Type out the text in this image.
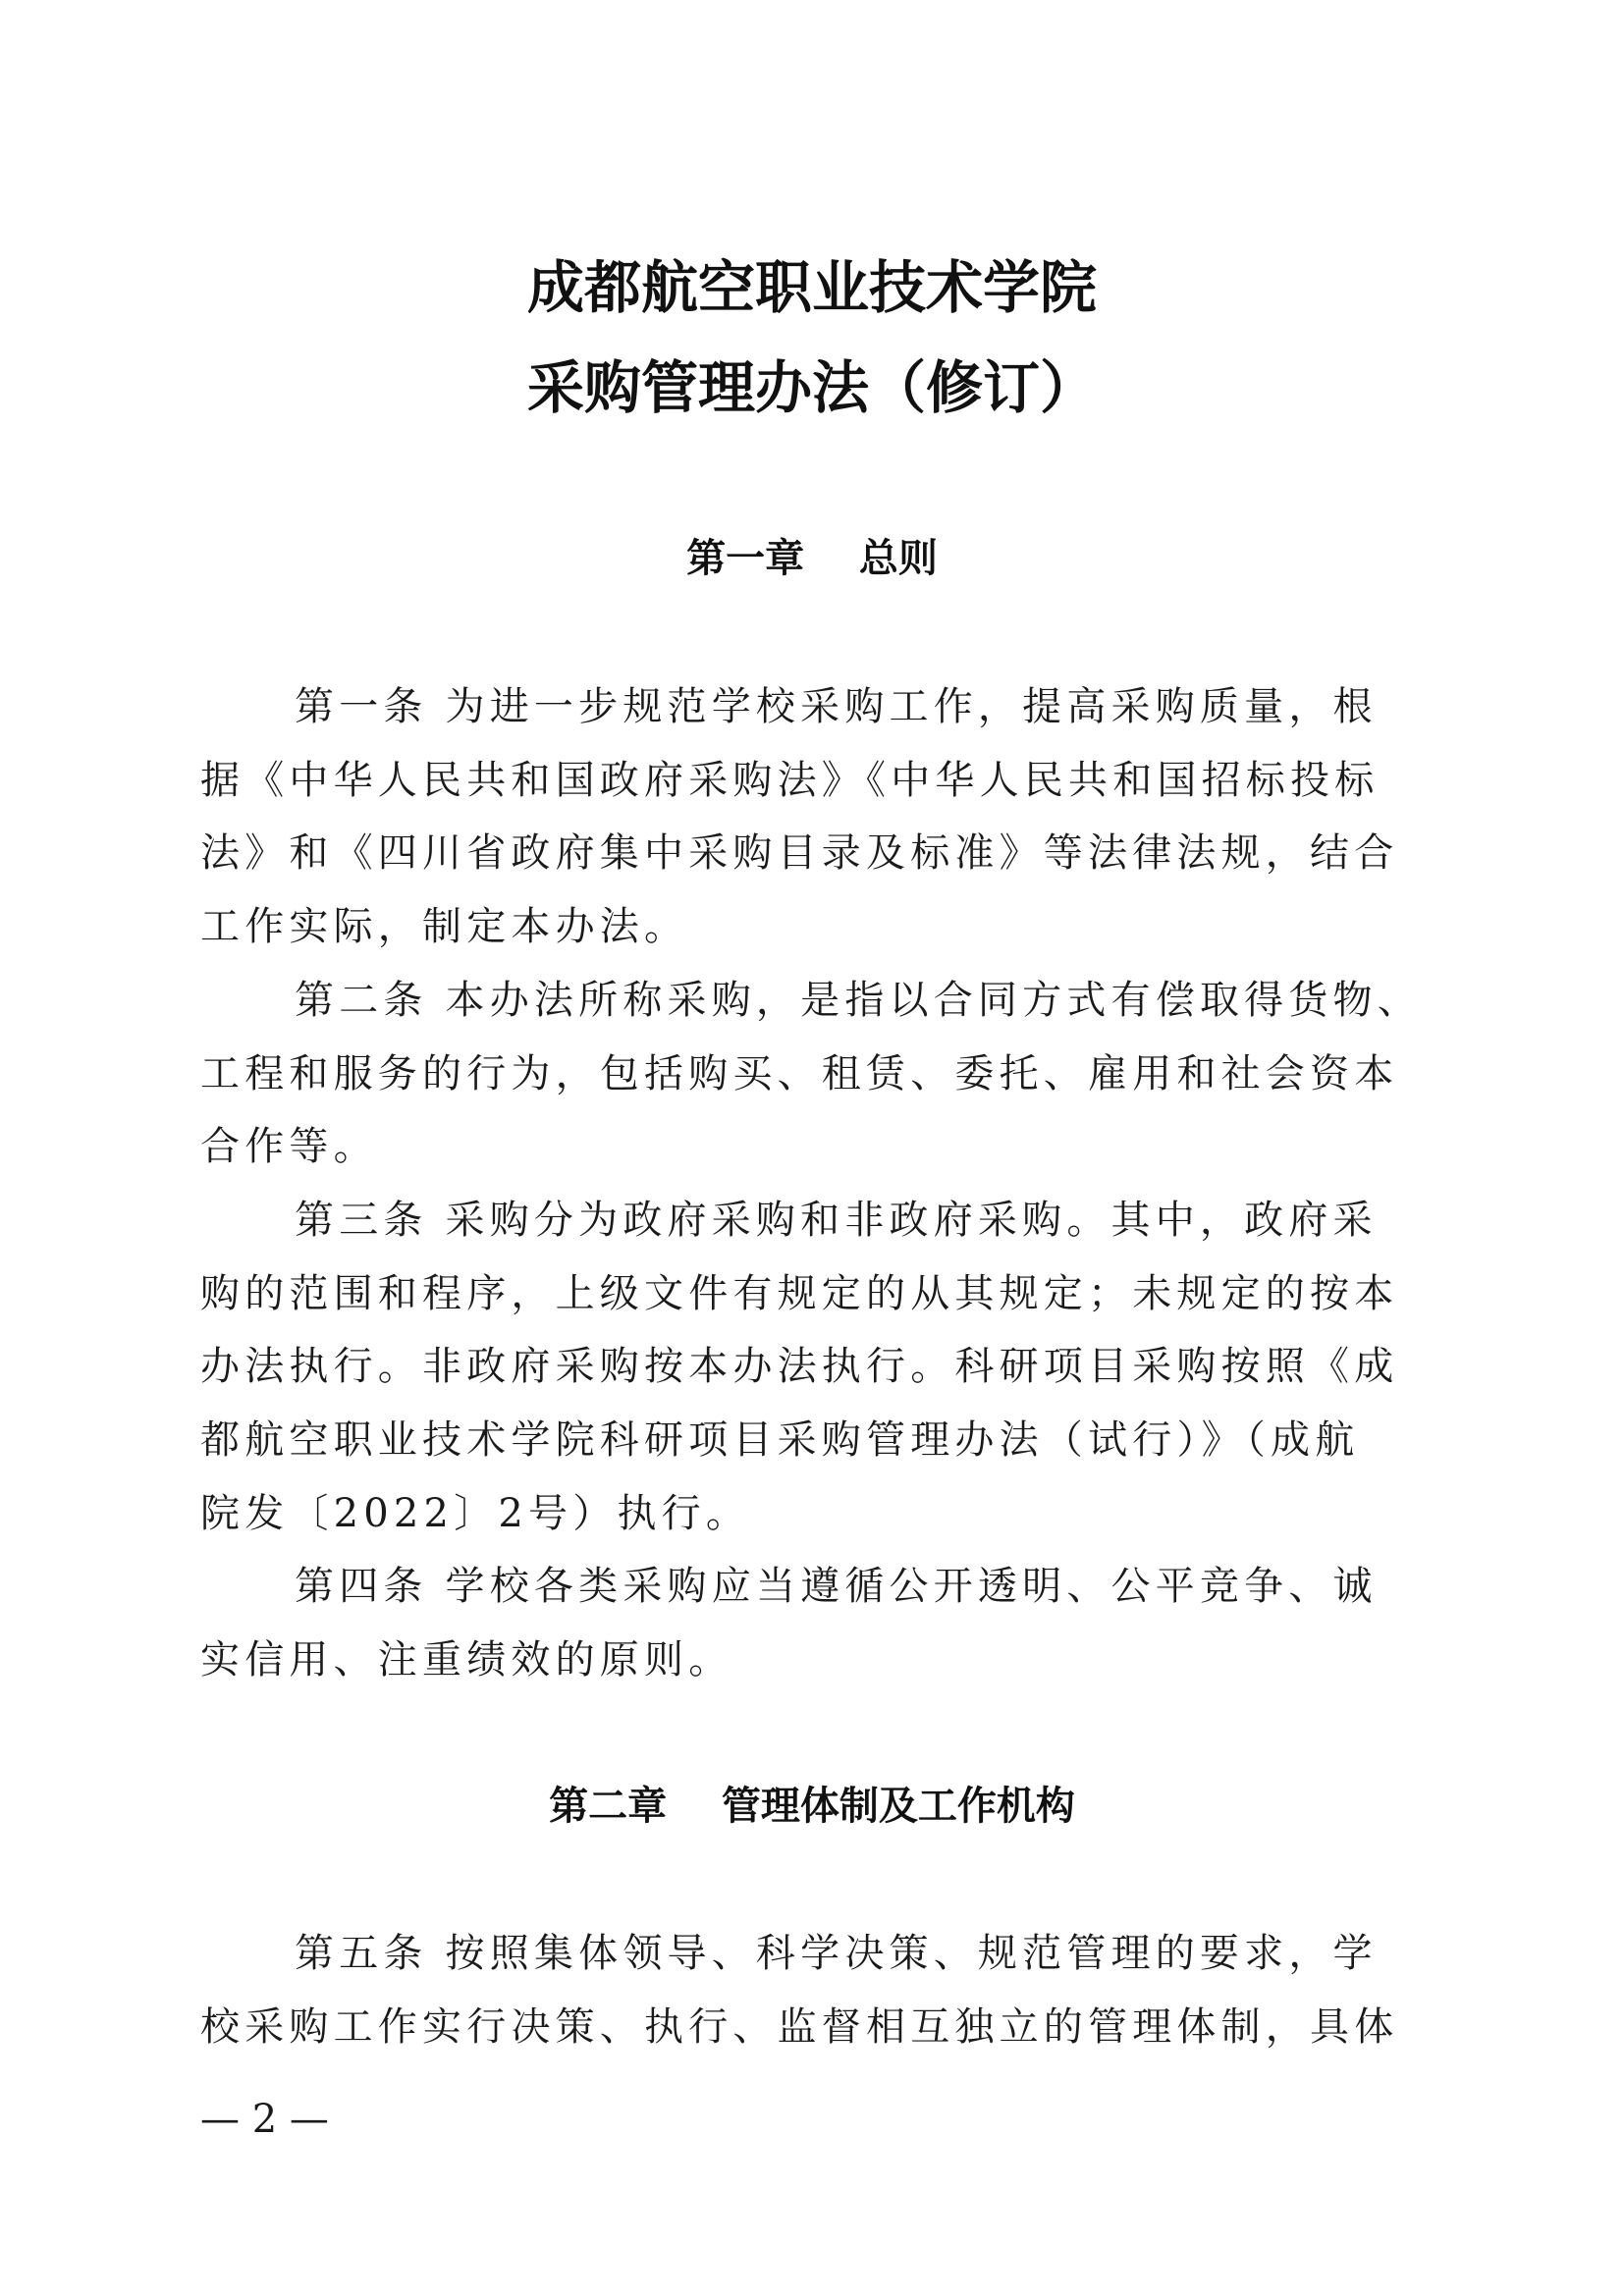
成都航空职业技术学院
采购管理办法（修订）
第一章    总则
第一条 为进一步规范学校采购工作，提高采购质量，根
据《中华人民共和国政府采购法》《中华人民共和国招标投标
法》和《四川省政府集中采购目录及标准》等法律法规，结合
工作实际，制定本办法。
第二条 本办法所称采购，是指以合同方式有偿取得货物、
工程和服务的行为，包括购买、租赁、委托、雇用和社会资本
合作等。
第三条 采购分为政府采购和非政府采购。其中，政府采
购的范围和程序，上级文件有规定的从其规定；未规定的按本
办法执行。非政府采购按本办法执行。科研项目采购按照《成
都航空职业技术学院科研项目采购管理办法（试行）》（成航
院发〔2022〕2号）执行。
第四条 学校各类采购应当遵循公开透明、公平竞争、诚
实信用、注重绩效的原则。
第二章    管理体制及工作机构
第五条 按照集体领导、科学决策、规范管理的要求，学
校采购工作实行决策、执行、监督相互独立的管理体制，具体
— 2 —
